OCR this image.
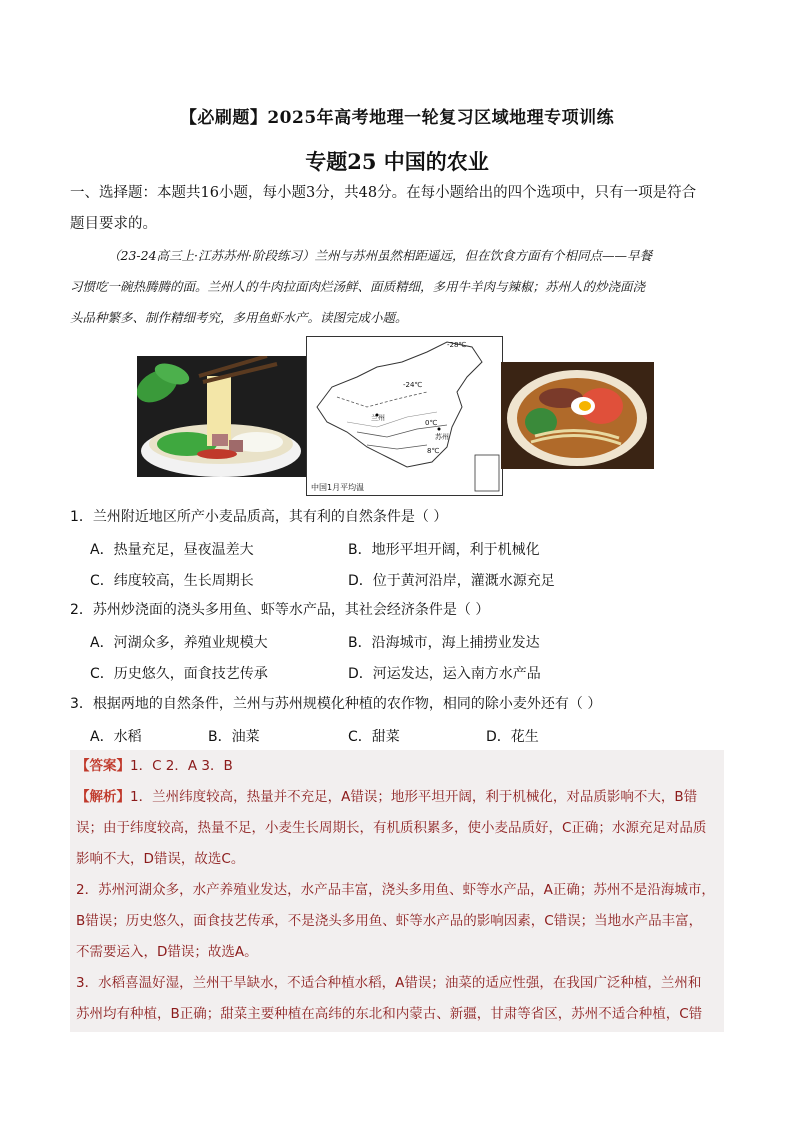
【必刷题】2025年高考地理一轮复习区域地理专项训练
专题25 中国的农业
一、选择题：本题共16小题，每小题3分，共48分。在每小题给出的四个选项中，只有一项是符合
题目要求的。
（23-24高三上·江苏苏州·阶段练习）兰州与苏州虽然相距遥远，但在饮食方面有个相同点——早餐
习惯吃一碗热腾腾的面。兰州人的牛肉拉面肉烂汤鲜、面质精细，多用牛羊肉与辣椒；苏州人的炒浇面浇
头品种繁多、制作精细考究，多用鱼虾水产。读图完成小题。
-28℃
-24℃
兰州
0℃
苏州
8℃
中国1月平均温
1．兰州附近地区所产小麦品质高，其有利的自然条件是（ ）
A．热量充足，昼夜温差大	B．地形平坦开阔，利于机械化
C．纬度较高，生长周期长	D．位于黄河沿岸，灌溉水源充足
2．苏州炒浇面的浇头多用鱼、虾等水产品，其社会经济条件是（ ）
A．河湖众多，养殖业规模大	B．沿海城市，海上捕捞业发达
C．历史悠久，面食技艺传承	D．河运发达，运入南方水产品
3．根据两地的自然条件，兰州与苏州规模化种植的农作物，相同的除小麦外还有（ ）
A．水稻	B．油菜	C．甜菜	D．花生
【答案】1．C 2．A 3．B
【解析】1．兰州纬度较高，热量并不充足，A错误；地形平坦开阔，利于机械化，对品质影响不大，B错
误；由于纬度较高，热量不足，小麦生长周期长，有机质积累多，使小麦品质好，C正确；水源充足对品质
影响不大，D错误，故选C。
2．苏州河湖众多，水产养殖业发达，水产品丰富，浇头多用鱼、虾等水产品，A正确；苏州不是沿海城市，
B错误；历史悠久，面食技艺传承，不是浇头多用鱼、虾等水产品的影响因素，C错误；当地水产品丰富，
不需要运入，D错误；故选A。
3．水稻喜温好湿，兰州干旱缺水，不适合种植水稻，A错误；油菜的适应性强，在我国广泛种植，兰州和
苏州均有种植，B正确；甜菜主要种植在高纬的东北和内蒙古、新疆，甘肃等省区，苏州不适合种植，C错
